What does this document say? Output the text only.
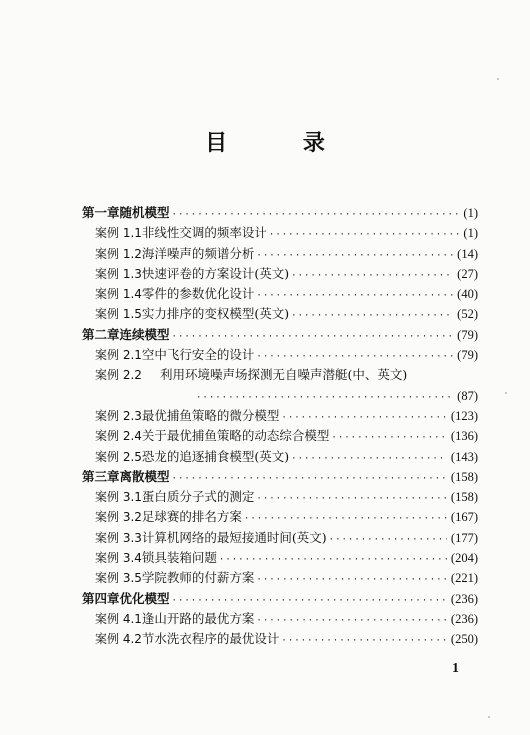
目 录
第一章 随机模型 ·····	(1)
案例 1.1 非线性交调的频率设计 ·····	(1)
案例 1.2 海洋噪声的频谱分析 ·····	(14)
案例 1.3 快速评卷的方案设计(英文) ·····	(27)
案例 1.4 零件的参数优化设计 ·····	(40)
案例 1.5 实力排序的变权模型(英文) ·····	(52)
第二章 连续模型 ·····	(79)
案例 2.1 空中飞行安全的设计 ·····	(79)
案例 2.2	利用环境噪声场探测无自噪声潜艇(中、英文)
·····
(87)
案例 2.3 最优捕鱼策略的微分模型 ·····	(123)
案例 2.4 关于最优捕鱼策略的动态综合模型 ·····	(136)
案例 2.5 恐龙的追逐捕食模型(英文) ·····	(143)
第三章 离散模型 ·····	(158)
案例 3.1 蛋白质分子式的测定 ·····	(158)
案例 3.2 足球赛的排名方案 ·····	(167)
案例 3.3 计算机网络的最短接通时间(英文) ·····	(177)
案例 3.4 锁具装箱问题 ·····	(204)
案例 3.5 学院教师的付薪方案 ·····	(221)
第四章 优化模型 ·····	(236)
案例 4.1 逢山开路的最优方案 ·····	(236)
案例 4.2 节水洗衣程序的最优设计 ·····	(250)
1
